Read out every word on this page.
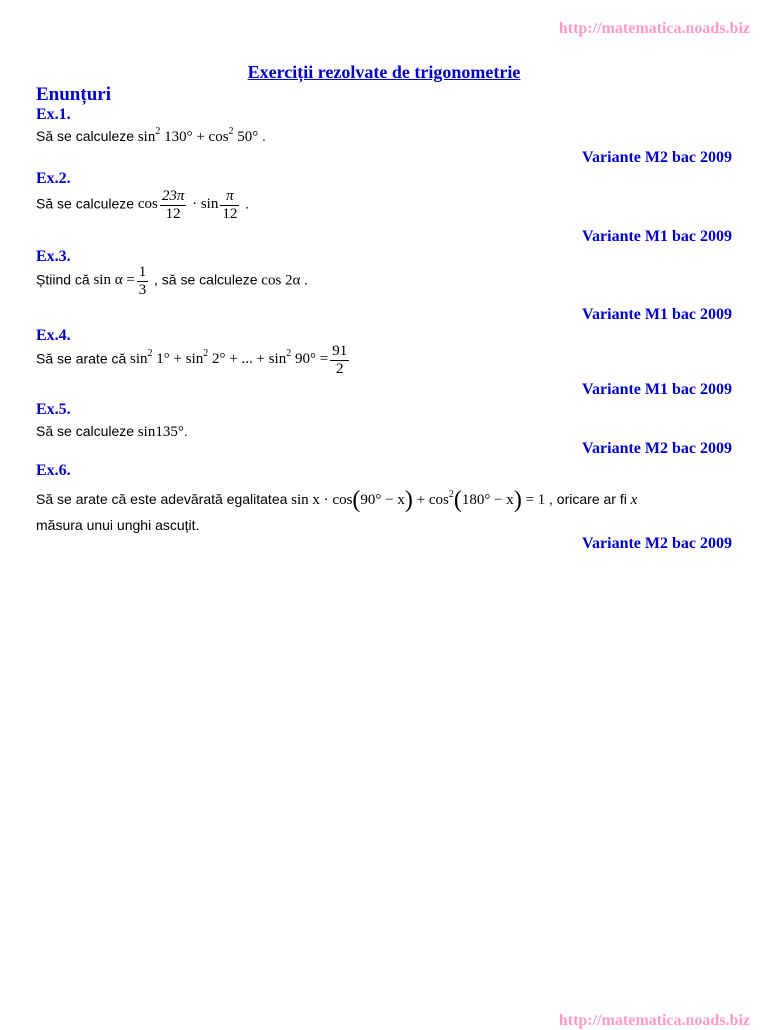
http://matematica.noads.biz
Exerciții rezolvate de trigonometrie
Enunțuri
Ex.1.
Să se calculeze $\sin^2 130^\circ + \cos^2 50^\circ$ .
Variante M2 bac 2009
Ex.2.
Să se calculeze $\cos \frac{23\pi}{12} \cdot \sin \frac{\pi}{12}$ .
Variante M1 bac 2009
Ex.3.
Știind că $\sin \alpha = \frac{1}{3}$ , să se calculeze cos 2α .
Variante M1 bac 2009
Ex.4.
Să se arate că $\sin^2 1^\circ + \sin^2 2^\circ$ + ... + $\sin^2 90^\circ = \frac{91}{2}$
Variante M1 bac 2009
Ex.5.
Să se calculeze sin135°.
Variante M2 bac 2009
Ex.6.
Să se arate că este adevărată egalitatea $\sin x \cdot \cos(90^\circ - x) + \cos^2(180^\circ - x) = 1$ , oricare ar fi x
măsura unui unghi ascuțit.
Variante M2 bac 2009
http://matematica.noads.biz
